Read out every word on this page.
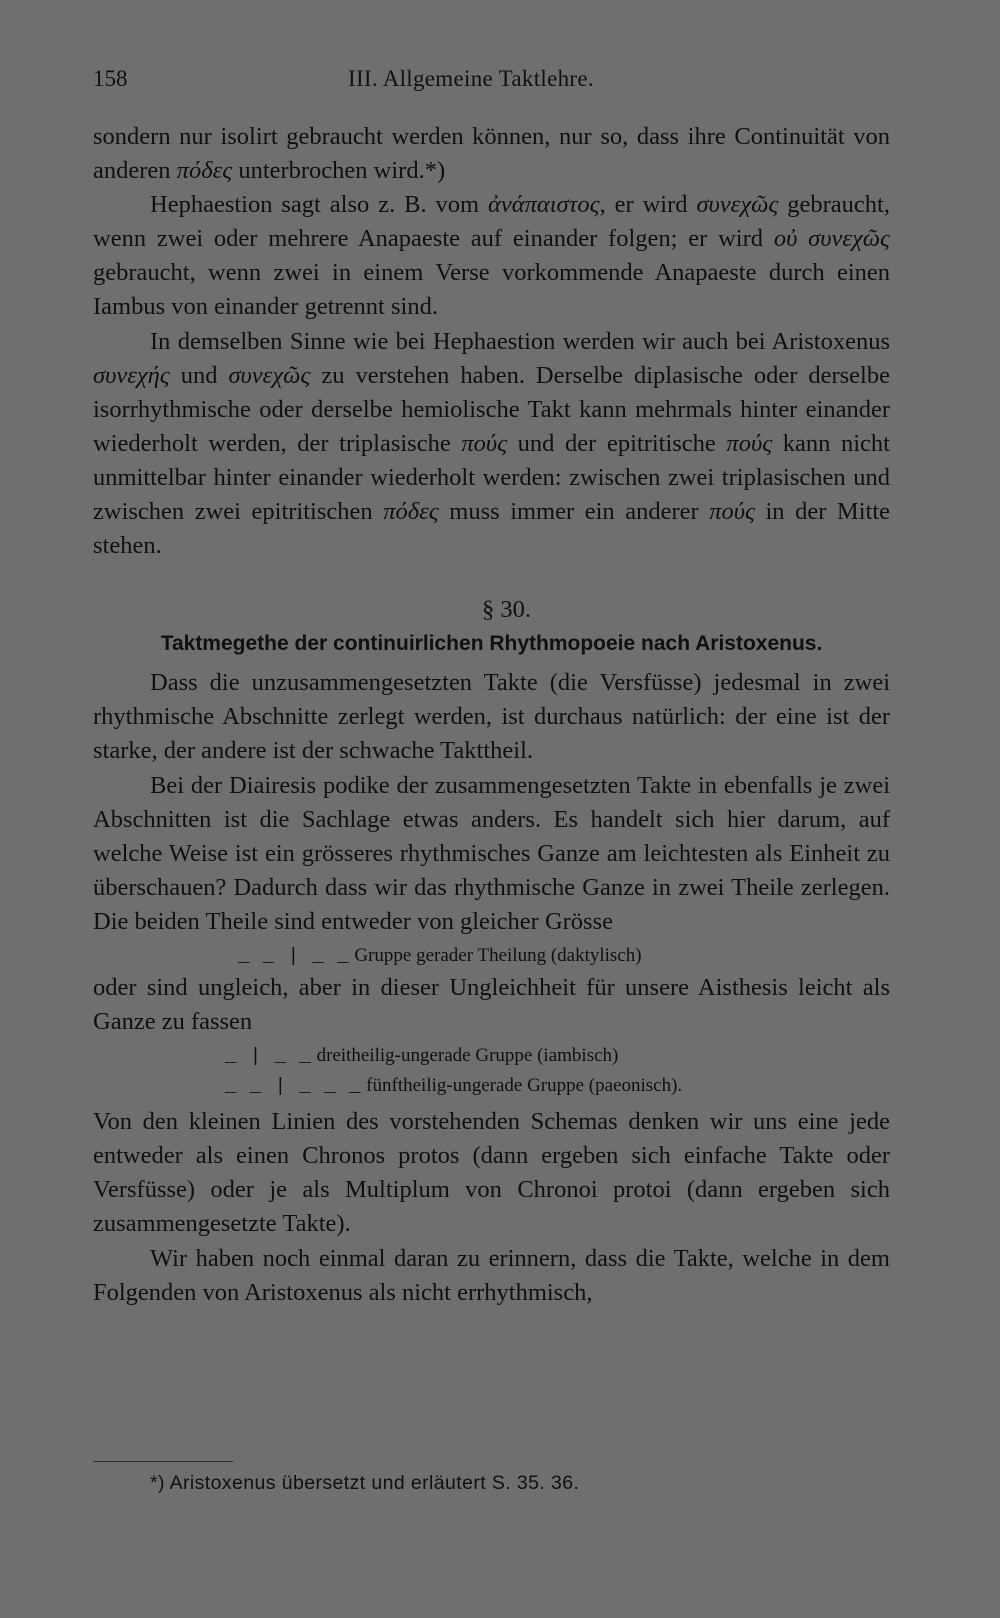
158	III. Allgemeine Taktlehre.

sondern nur isolirt gebraucht werden können, nur so, dass ihre Continuität von anderen πόδες unterbrochen wird.*)

Hephaestion sagt also z. B. vom ἀνάπαιστος, er wird συνεχῶς gebraucht, wenn zwei oder mehrere Anapaeste auf einander folgen; er wird οὐ συνεχῶς gebraucht, wenn zwei in einem Verse vorkommende Anapaeste durch einen Iambus von einander getrennt sind.

In demselben Sinne wie bei Hephaestion werden wir auch bei Aristoxenus συνεχής und συνεχῶς zu verstehen haben. Derselbe diplasische oder derselbe isorrhythmische oder derselbe hemiolische Takt kann mehrmals hinter einander wiederholt werden, der triplasische πούς und der epitritische πούς kann nicht unmittelbar hinter einander wiederholt werden: zwischen zwei triplasischen und zwischen zwei epitritischen πόδες muss immer ein anderer πούς in der Mitte stehen.

§ 30.
Taktmegethe der continuirlichen Rhythmopoeie nach Aristoxenus.

Dass die unzusammengesetzten Takte (die Versfüsse) jedesmal in zwei rhythmische Abschnitte zerlegt werden, ist durchaus natürlich: der eine ist der starke, der andere ist der schwache Takttheil.

Bei der Diairesis podike der zusammengesetzten Takte in ebenfalls je zwei Abschnitten ist die Sachlage etwas anders. Es handelt sich hier darum, auf welche Weise ist ein grösseres rhythmisches Ganze am leichtesten als Einheit zu überschauen? Dadurch dass wir das rhythmische Ganze in zwei Theile zerlegen. Die beiden Theile sind entweder von gleicher Grösse

_ _ | _ _ Gruppe gerader Theilung (daktylisch)

oder sind ungleich, aber in dieser Ungleichheit für unsere Aisthesis leicht als Ganze zu fassen

_ | _ _ dreitheilig-ungerade Gruppe (iambisch)
_ _ | _ _ _ fünftheilig-ungerade Gruppe (paeonisch).

Von den kleinen Linien des vorstehenden Schemas denken wir uns eine jede entweder als einen Chronos protos (dann ergeben sich einfache Takte oder Versfüsse) oder je als Multiplum von Chronoi protoi (dann ergeben sich zusammengesetzte Takte).

Wir haben noch einmal daran zu erinnern, dass die Takte, welche in dem Folgenden von Aristoxenus als nicht errhythmisch,

*) Aristoxenus übersetzt und erläutert S. 35. 36.
